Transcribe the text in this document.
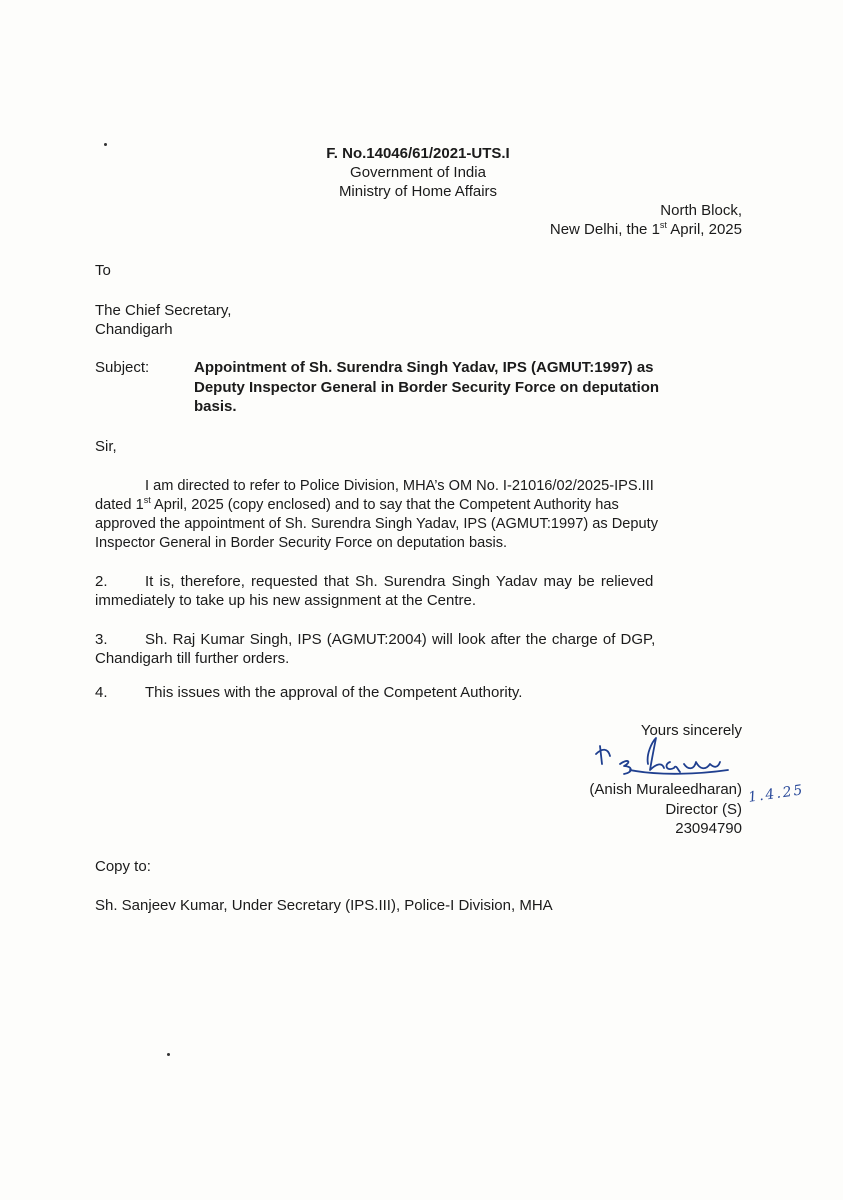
F. No.14046/61/2021-UTS.I
Government of India
Ministry of Home Affairs
North Block,
New Delhi, the 1st April, 2025
To
The Chief Secretary,
Chandigarh
Subject:	Appointment of Sh. Surendra Singh Yadav, IPS (AGMUT:1997) as
Deputy Inspector General in Border Security Force on deputation
basis.
Sir,
I am directed to refer to Police Division, MHA’s OM No. I-21016/02/2025-IPS.III
dated 1st April, 2025 (copy enclosed) and to say that the Competent Authority has
approved the appointment of Sh. Surendra Singh Yadav, IPS (AGMUT:1997) as Deputy
Inspector General in Border Security Force on deputation basis.
2. It is, therefore, requested that Sh. Surendra Singh Yadav may be relieved
immediately to take up his new assignment at the Centre.
3. Sh. Raj Kumar Singh, IPS (AGMUT:2004) will look after the charge of DGP,
Chandigarh till further orders.
4. This issues with the approval of the Competent Authority.
Yours sincerely
(Anish Muraleedharan)
Director (S)
23094790
1.4.25
Copy to:
Sh. Sanjeev Kumar, Under Secretary (IPS.III), Police-I Division, MHA
